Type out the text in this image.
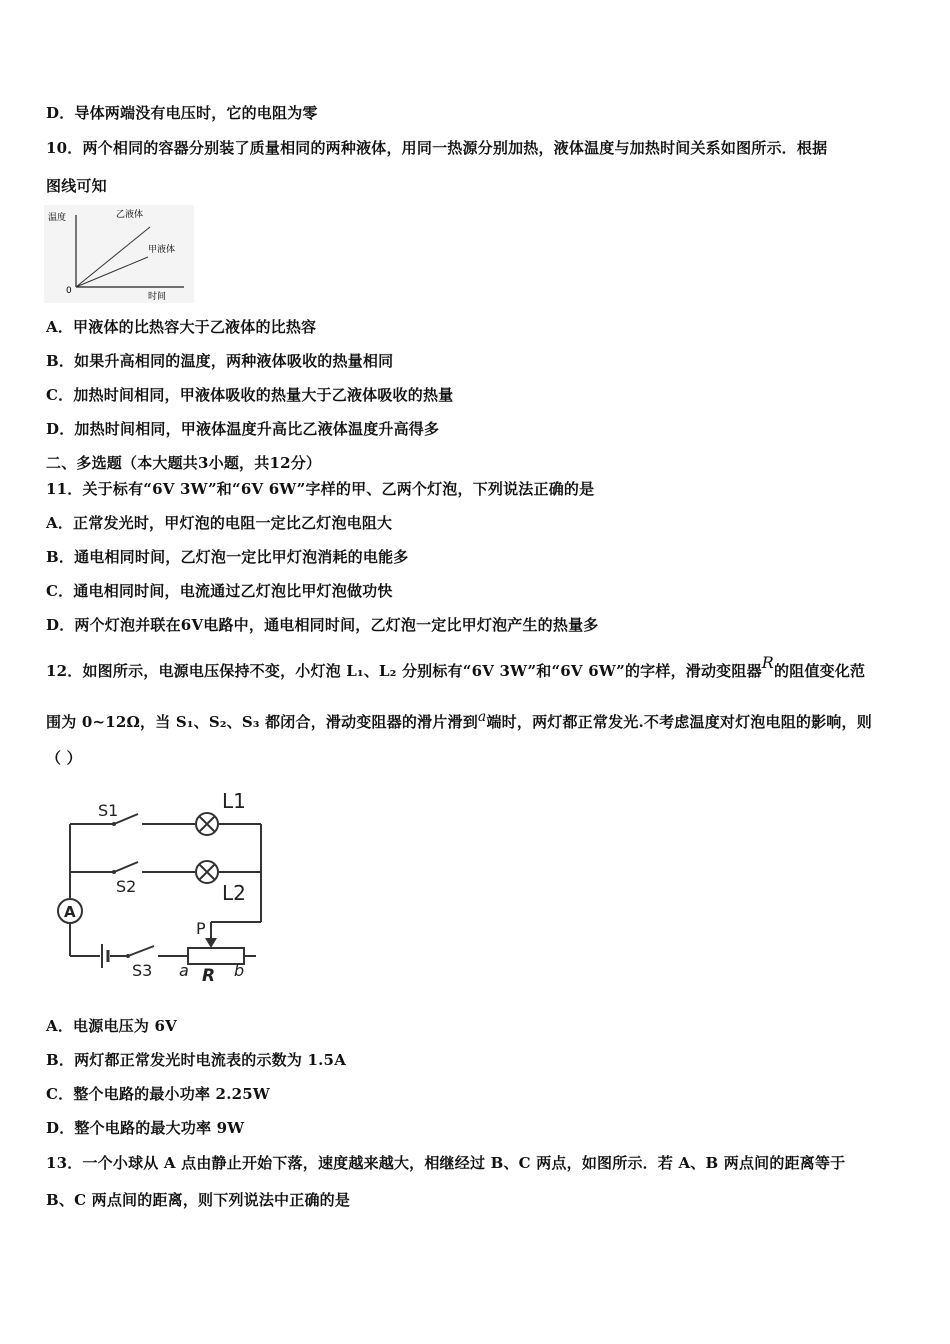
D．导体两端没有电压时，它的电阻为零
10．两个相同的容器分别装了质量相同的两种液体，用同一热源分别加热，液体温度与加热时间关系如图所示．根据
图线可知
温度	乙液体
甲液体
0
时间
A．甲液体的比热容大于乙液体的比热容
B．如果升高相同的温度，两种液体吸收的热量相同
C．加热时间相同，甲液体吸收的热量大于乙液体吸收的热量
D．加热时间相同，甲液体温度升高比乙液体温度升高得多
二、多选题（本大题共3小题，共12分）
11．关于标有“6V 3W”和“6V 6W”字样的甲、乙两个灯泡，下列说法正确的是
A．正常发光时，甲灯泡的电阻一定比乙灯泡电阻大
B．通电相同时间，乙灯泡一定比甲灯泡消耗的电能多
C．通电相同时间，电流通过乙灯泡比甲灯泡做功快
D．两个灯泡并联在6V电路中，通电相同时间，乙灯泡一定比甲灯泡产生的热量多
12．如图所示，电源电压保持不变，小灯泡 L₁、L₂ 分别标有“6V 3W”和“6V 6W”的字样，滑动变阻器R的阻值变化范
围为 0~12Ω，当 S₁、S₂、S₃ 都闭合，滑动变阻器的滑片滑到a端时，两灯都正常发光.不考虑温度对灯泡电阻的影响，则
（ ）
A
S1	L1
S2	L2
P
S3 a R b
A．电源电压为 6V
B．两灯都正常发光时电流表的示数为 1.5A
C．整个电路的最小功率 2.25W
D．整个电路的最大功率 9W
13．一个小球从 A 点由静止开始下落，速度越来越大，相继经过 B、C 两点，如图所示．若 A、B 两点间的距离等于
B、C 两点间的距离，则下列说法中正确的是
